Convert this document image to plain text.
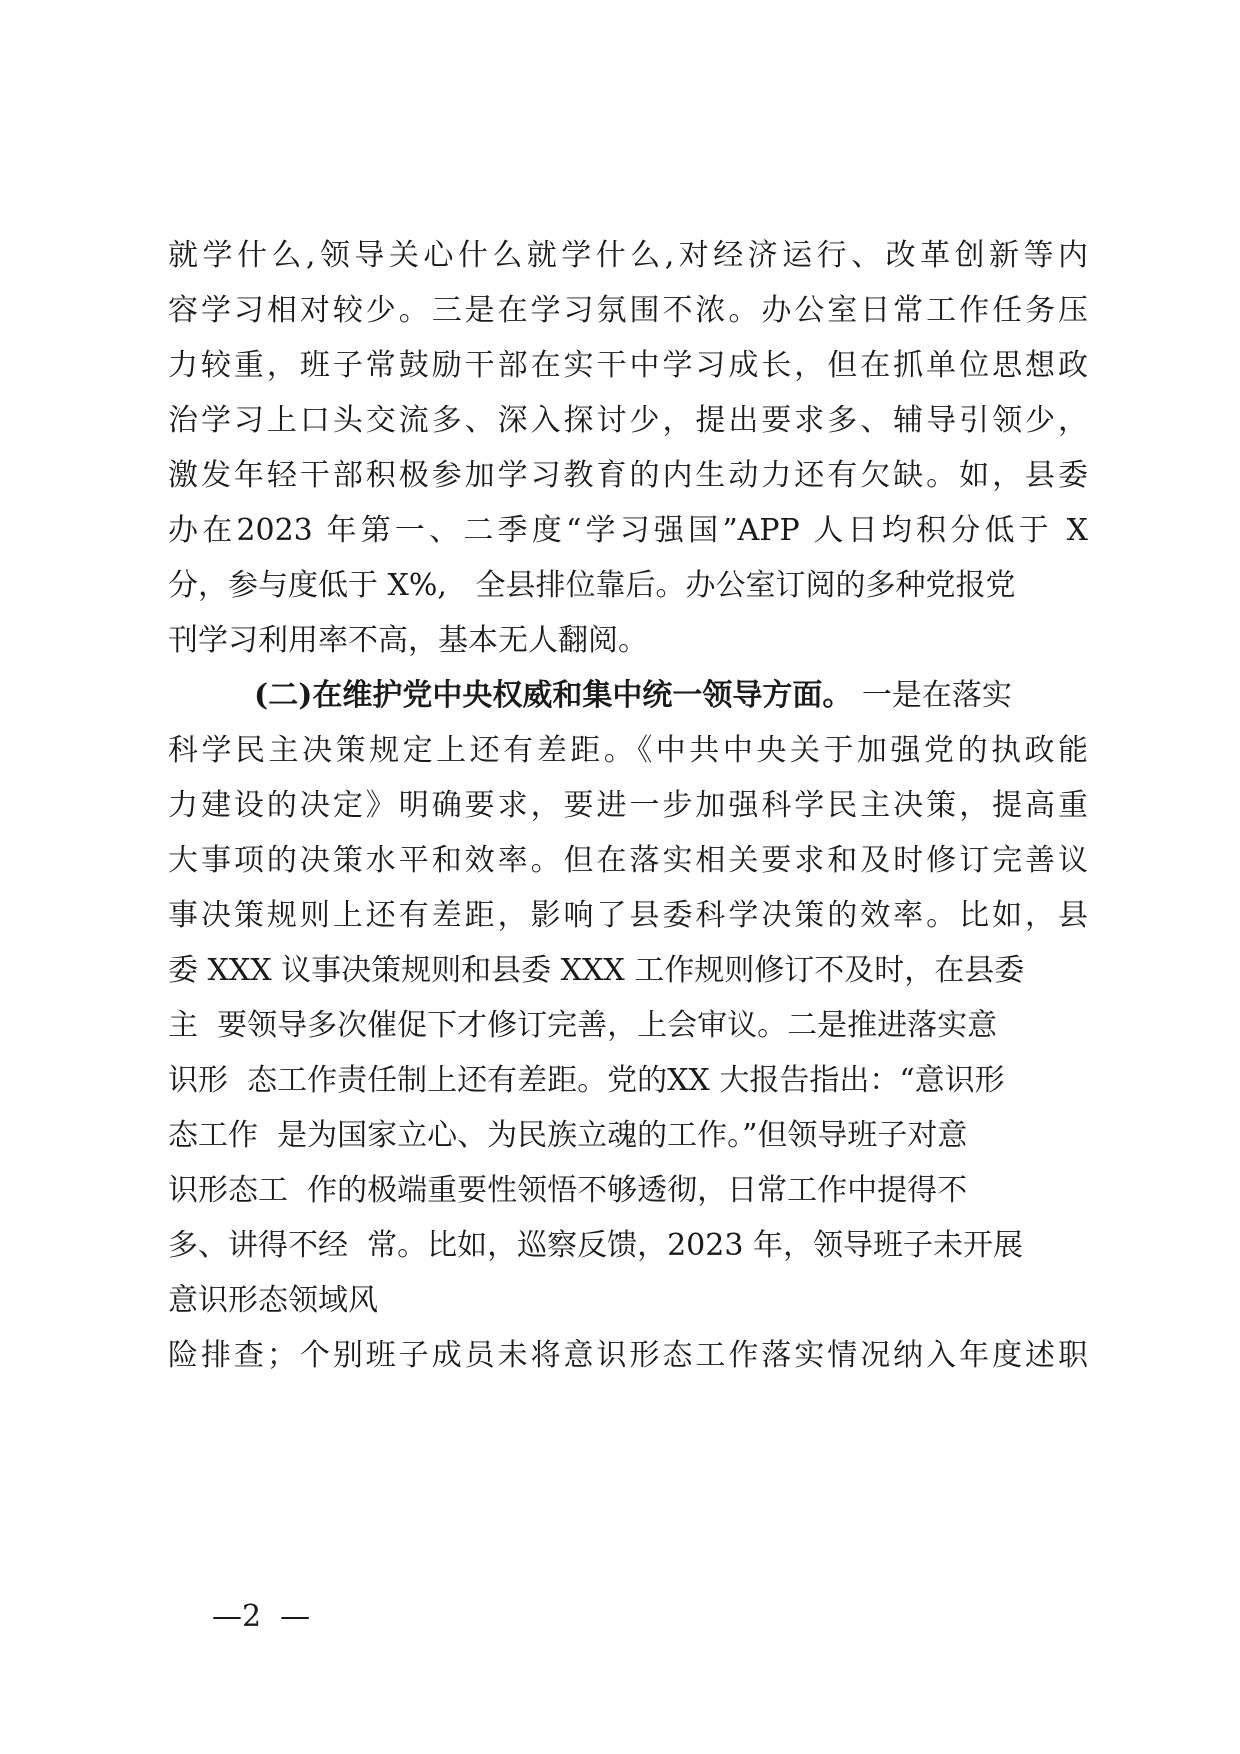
就学什么,领导关心什么就学什么,对经济运行、改革创新等内
容学习相对较少。三是在学习氛围不浓。办公室日常工作任务压
力较重，班子常鼓励干部在实干中学习成长，但在抓单位思想政
治学习上口头交流多、深入探讨少，提出要求多、辅导引领少，
激发年轻干部积极参加学习教育的内生动力还有欠缺。如，县委
办在2023 年第一、二季度“学习强国”APP 人日均积分低于 X
分，参与度低于 X%,   全县排位靠后。办公室订阅的多种党报党
刊学习利用率不高，基本无人翻阅。
(二)在维护党中央权威和集中统一领导方面。 一是在落实
科学民主决策规定上还有差距。《中共中央关于加强党的执政能
力建设的决定》明确要求，要进一步加强科学民主决策，提高重
大事项的决策水平和效率。但在落实相关要求和及时修订完善议
事决策规则上还有差距，影响了县委科学决策的效率。比如，县
委 XXX 议事决策规则和县委 XXX 工作规则修订不及时，在县委
主  要领导多次催促下才修订完善，上会审议。二是推进落实意
识形  态工作责任制上还有差距。党的XX 大报告指出：“意识形
态工作  是为国家立心、为民族立魂的工作。”但领导班子对意
识形态工  作的极端重要性领悟不够透彻，日常工作中提得不
多、讲得不经  常。比如，巡察反馈，2023 年，领导班子未开展
意识形态领域风
险排查；个别班子成员未将意识形态工作落实情况纳入年度述职
—2  —
